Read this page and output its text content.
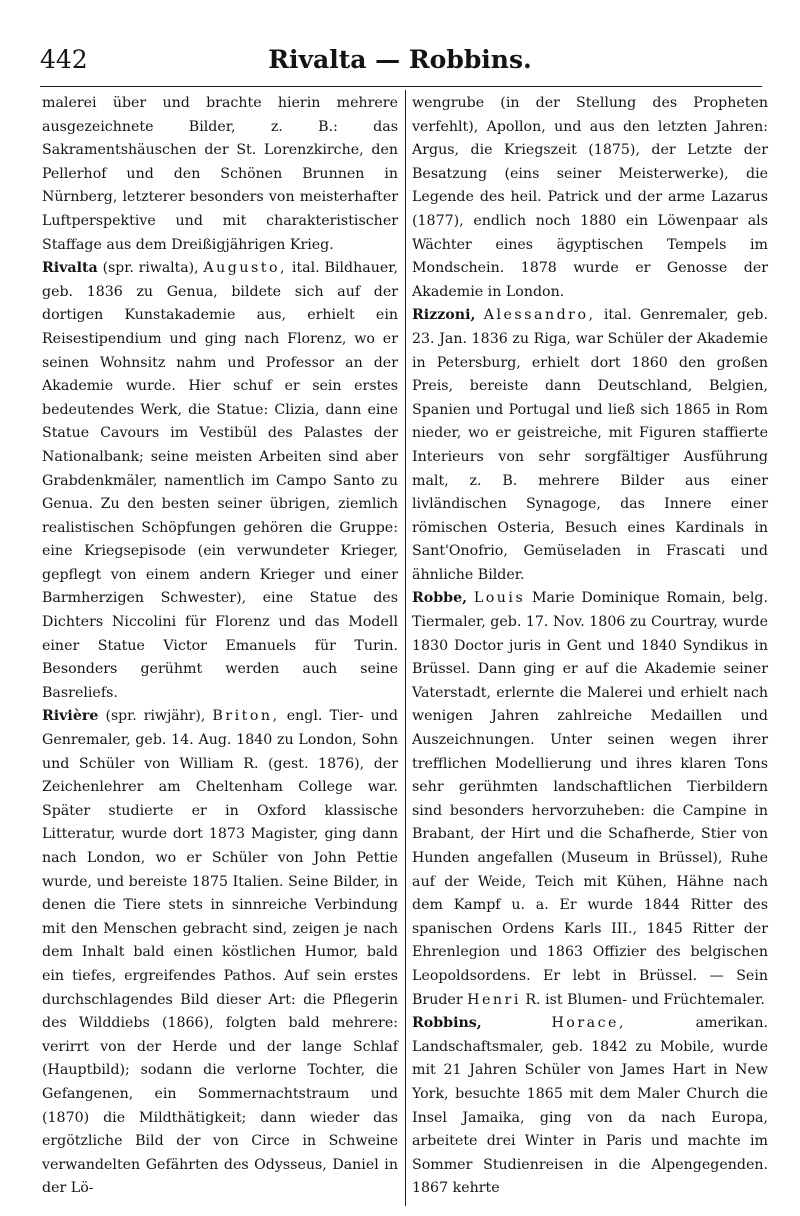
442	Rivalta — Robbins.

malerei über und brachte hierin mehrere ausgezeichnete Bilder, z. B.: das Sakramentshäuschen der St. Lorenzkirche, den Pellerhof und den Schönen Brunnen in Nürnberg, letzterer besonders von meisterhafter Luftperspektive und mit charakteristischer Staffage aus dem Dreißigjährigen Krieg.

Rivalta (spr. riwalta), Augusto, ital. Bildhauer, geb. 1836 zu Genua, bildete sich auf der dortigen Kunstakademie aus, erhielt ein Reisestipendium und ging nach Florenz, wo er seinen Wohnsitz nahm und Professor an der Akademie wurde. Hier schuf er sein erstes bedeutendes Werk, die Statue: Clizia, dann eine Statue Cavours im Vestibül des Palastes der Nationalbank; seine meisten Arbeiten sind aber Grabdenkmäler, namentlich im Campo Santo zu Genua. Zu den besten seiner übrigen, ziemlich realistischen Schöpfungen gehören die Gruppe: eine Kriegsepisode (ein verwundeter Krieger, gepflegt von einem andern Krieger und einer Barmherzigen Schwester), eine Statue des Dichters Niccolini für Florenz und das Modell einer Statue Victor Emanuels für Turin. Besonders gerühmt werden auch seine Basreliefs.

Rivière (spr. riwjähr), Briton, engl. Tier- und Genremaler, geb. 14. Aug. 1840 zu London, Sohn und Schüler von William R. (gest. 1876), der Zeichenlehrer am Cheltenham College war. Später studierte er in Oxford klassische Litteratur, wurde dort 1873 Magister, ging dann nach London, wo er Schüler von John Pettie wurde, und bereiste 1875 Italien. Seine Bilder, in denen die Tiere stets in sinnreiche Verbindung mit den Menschen gebracht sind, zeigen je nach dem Inhalt bald einen köstlichen Humor, bald ein tiefes, ergreifendes Pathos. Auf sein erstes durchschlagendes Bild dieser Art: die Pflegerin des Wilddiebs (1866), folgten bald mehrere: verirrt von der Herde und der lange Schlaf (Hauptbild); sodann die verlorne Tochter, die Gefangenen, ein Sommernachtstraum und (1870) die Mildthätigkeit; dann wieder das ergötzliche Bild der von Circe in Schweine verwandelten Gefährten des Odysseus, Daniel in der Lö-

wengrube (in der Stellung des Propheten verfehlt), Apollon, und aus den letzten Jahren: Argus, die Kriegszeit (1875), der Letzte der Besatzung (eins seiner Meisterwerke), die Legende des heil. Patrick und der arme Lazarus (1877), endlich noch 1880 ein Löwenpaar als Wächter eines ägyptischen Tempels im Mondschein. 1878 wurde er Genosse der Akademie in London.

Rizzoni, Alessandro, ital. Genremaler, geb. 23. Jan. 1836 zu Riga, war Schüler der Akademie in Petersburg, erhielt dort 1860 den großen Preis, bereiste dann Deutschland, Belgien, Spanien und Portugal und ließ sich 1865 in Rom nieder, wo er geistreiche, mit Figuren staffierte Interieurs von sehr sorgfältiger Ausführung malt, z. B. mehrere Bilder aus einer livländischen Synagoge, das Innere einer römischen Osteria, Besuch eines Kardinals in Sant'Onofrio, Gemüseladen in Frascati und ähnliche Bilder.

Robbe, Louis Marie Dominique Romain, belg. Tiermaler, geb. 17. Nov. 1806 zu Courtray, wurde 1830 Doctor juris in Gent und 1840 Syndikus in Brüssel. Dann ging er auf die Akademie seiner Vaterstadt, erlernte die Malerei und erhielt nach wenigen Jahren zahlreiche Medaillen und Auszeichnungen. Unter seinen wegen ihrer trefflichen Modellierung und ihres klaren Tons sehr gerühmten landschaftlichen Tierbildern sind besonders hervorzuheben: die Campine in Brabant, der Hirt und die Schafherde, Stier von Hunden angefallen (Museum in Brüssel), Ruhe auf der Weide, Teich mit Kühen, Hähne nach dem Kampf u. a. Er wurde 1844 Ritter des spanischen Ordens Karls III., 1845 Ritter der Ehrenlegion und 1863 Offizier des belgischen Leopoldsordens. Er lebt in Brüssel. — Sein Bruder Henri R. ist Blumen- und Früchtemaler.

Robbins,	Horace,	amerikan. Landschaftsmaler, geb. 1842 zu Mobile, wurde mit 21 Jahren Schüler von James Hart in New York, besuchte 1865 mit dem Maler Church die Insel Jamaika, ging von da nach Europa, arbeitete drei Winter in Paris und machte im Sommer Studienreisen in die Alpengegenden. 1867 kehrte
